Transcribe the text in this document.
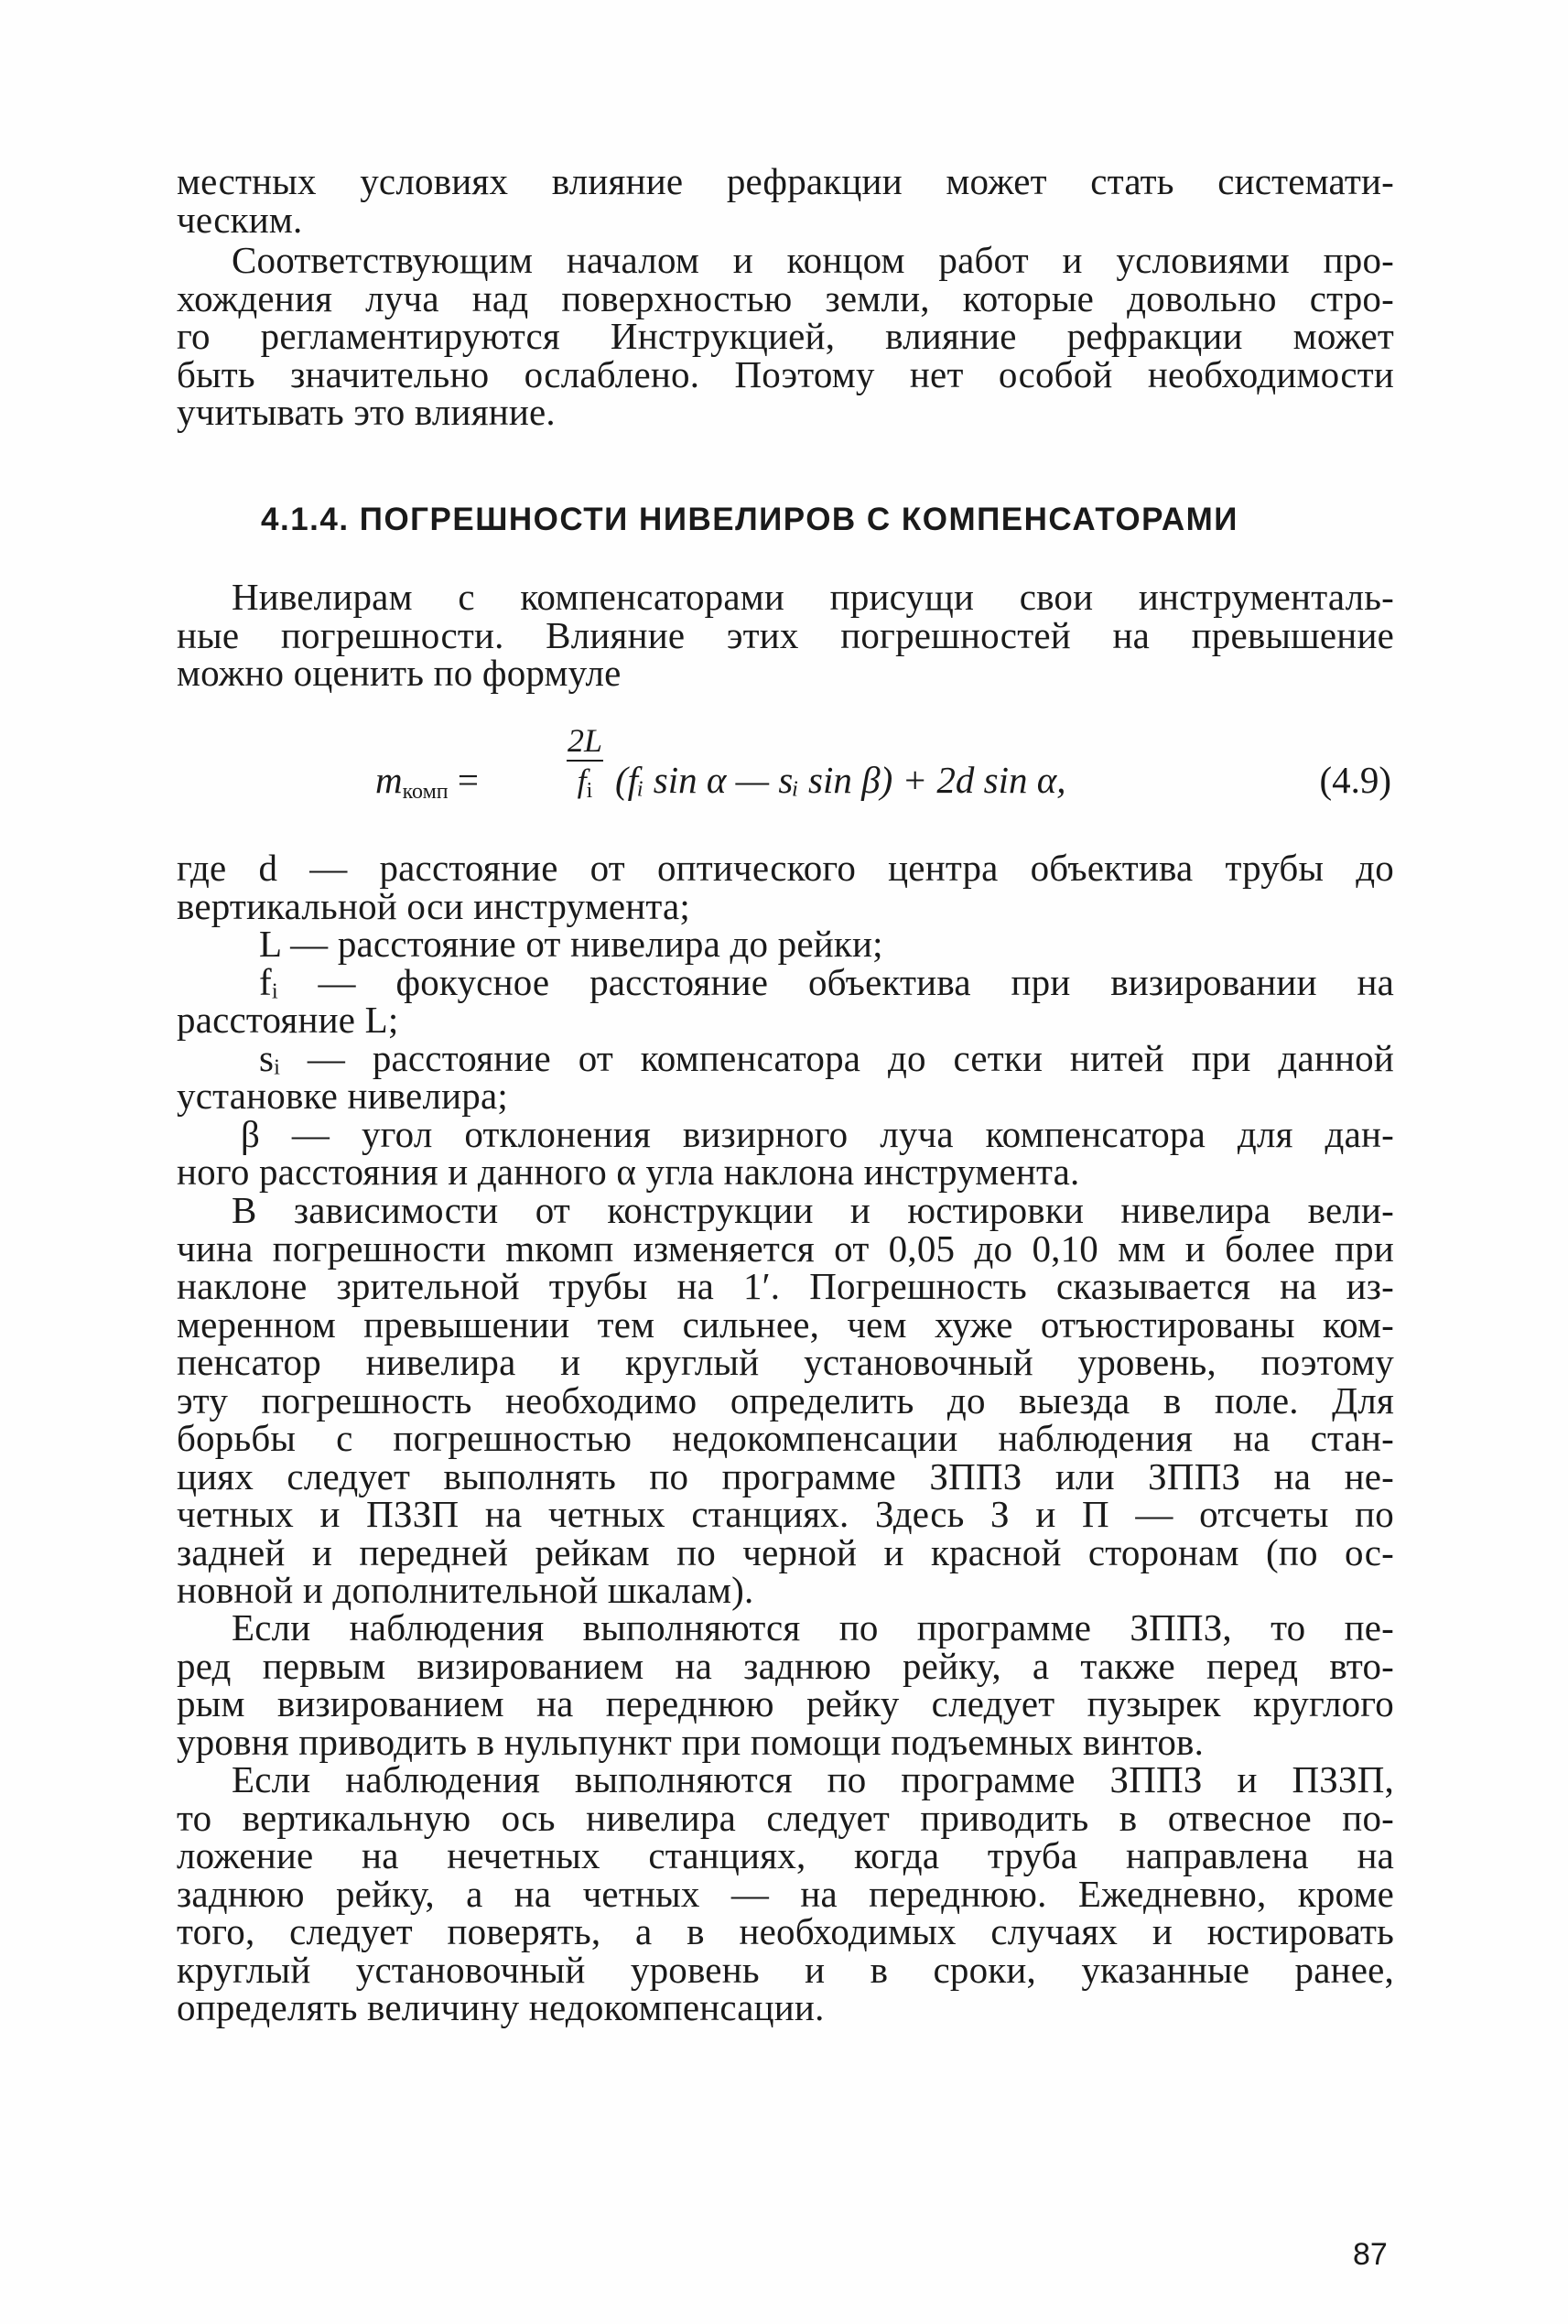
местных условиях влияние рефракции может стать системати-
ческим.
Соответствующим началом и концом работ и условиями про-
хождения луча над поверхностью земли, которые довольно стро-
го регламентируются Инструкцией, влияние рефракции может
быть значительно ослаблено. Поэтому нет особой необходимости
учитывать это влияние.
4.1.4. ПОГРЕШНОСТИ НИВЕЛИРОВ С КОМПЕНСАТОРАМИ
Нивелирам с компенсаторами присущи свои инструменталь-
ные погрешности. Влияние этих погрешностей на превышение
можно оценить по формуле
$m_{комп}$ =
2L
$f_i$ (fᵢ sin α — sᵢ sin β) + 2d sin α,	(4.9)
где d — расстояние от оптического центра объектива трубы до
вертикальной оси инструмента;
L — расстояние от нивелира до рейки;
fᵢ — фокусное расстояние объектива при визировании на
расстояние L;
sᵢ — расстояние от компенсатора до сетки нитей при данной
установке нивелира;
β — угол отклонения визирного луча компенсатора для дан-
ного расстояния и данного α угла наклона инструмента.
В зависимости от конструкции и юстировки нивелира вели-
чина погрешности mкомп изменяется от 0,05 до 0,10 мм и более при
наклоне зрительной трубы на 1′. Погрешность сказывается на из-
меренном превышении тем сильнее, чем хуже отъюстированы ком-
пенсатор нивелира и круглый установочный уровень, поэтому
эту погрешность необходимо определить до выезда в поле. Для
борьбы с погрешностью недокомпенсации наблюдения на стан-
циях следует выполнять по программе ЗППЗ или ЗППЗ на не-
четных и ПЗЗП на четных станциях. Здесь З и П — отсчеты по
задней и передней рейкам по черной и красной сторонам (по ос-
новной и дополнительной шкалам).
Если наблюдения выполняются по программе ЗППЗ, то пе-
ред первым визированием на заднюю рейку, а также перед вто-
рым визированием на переднюю рейку следует пузырек круглого
уровня приводить в нульпункт при помощи подъемных винтов.
Если наблюдения выполняются по программе ЗППЗ и ПЗЗП,
то вертикальную ось нивелира следует приводить в отвесное по-
ложение на нечетных станциях, когда труба направлена на
заднюю рейку, а на четных — на переднюю. Ежедневно, кроме
того, следует поверять, а в необходимых случаях и юстировать
круглый установочный уровень и в сроки, указанные ранее,
определять величину недокомпенсации.
87
